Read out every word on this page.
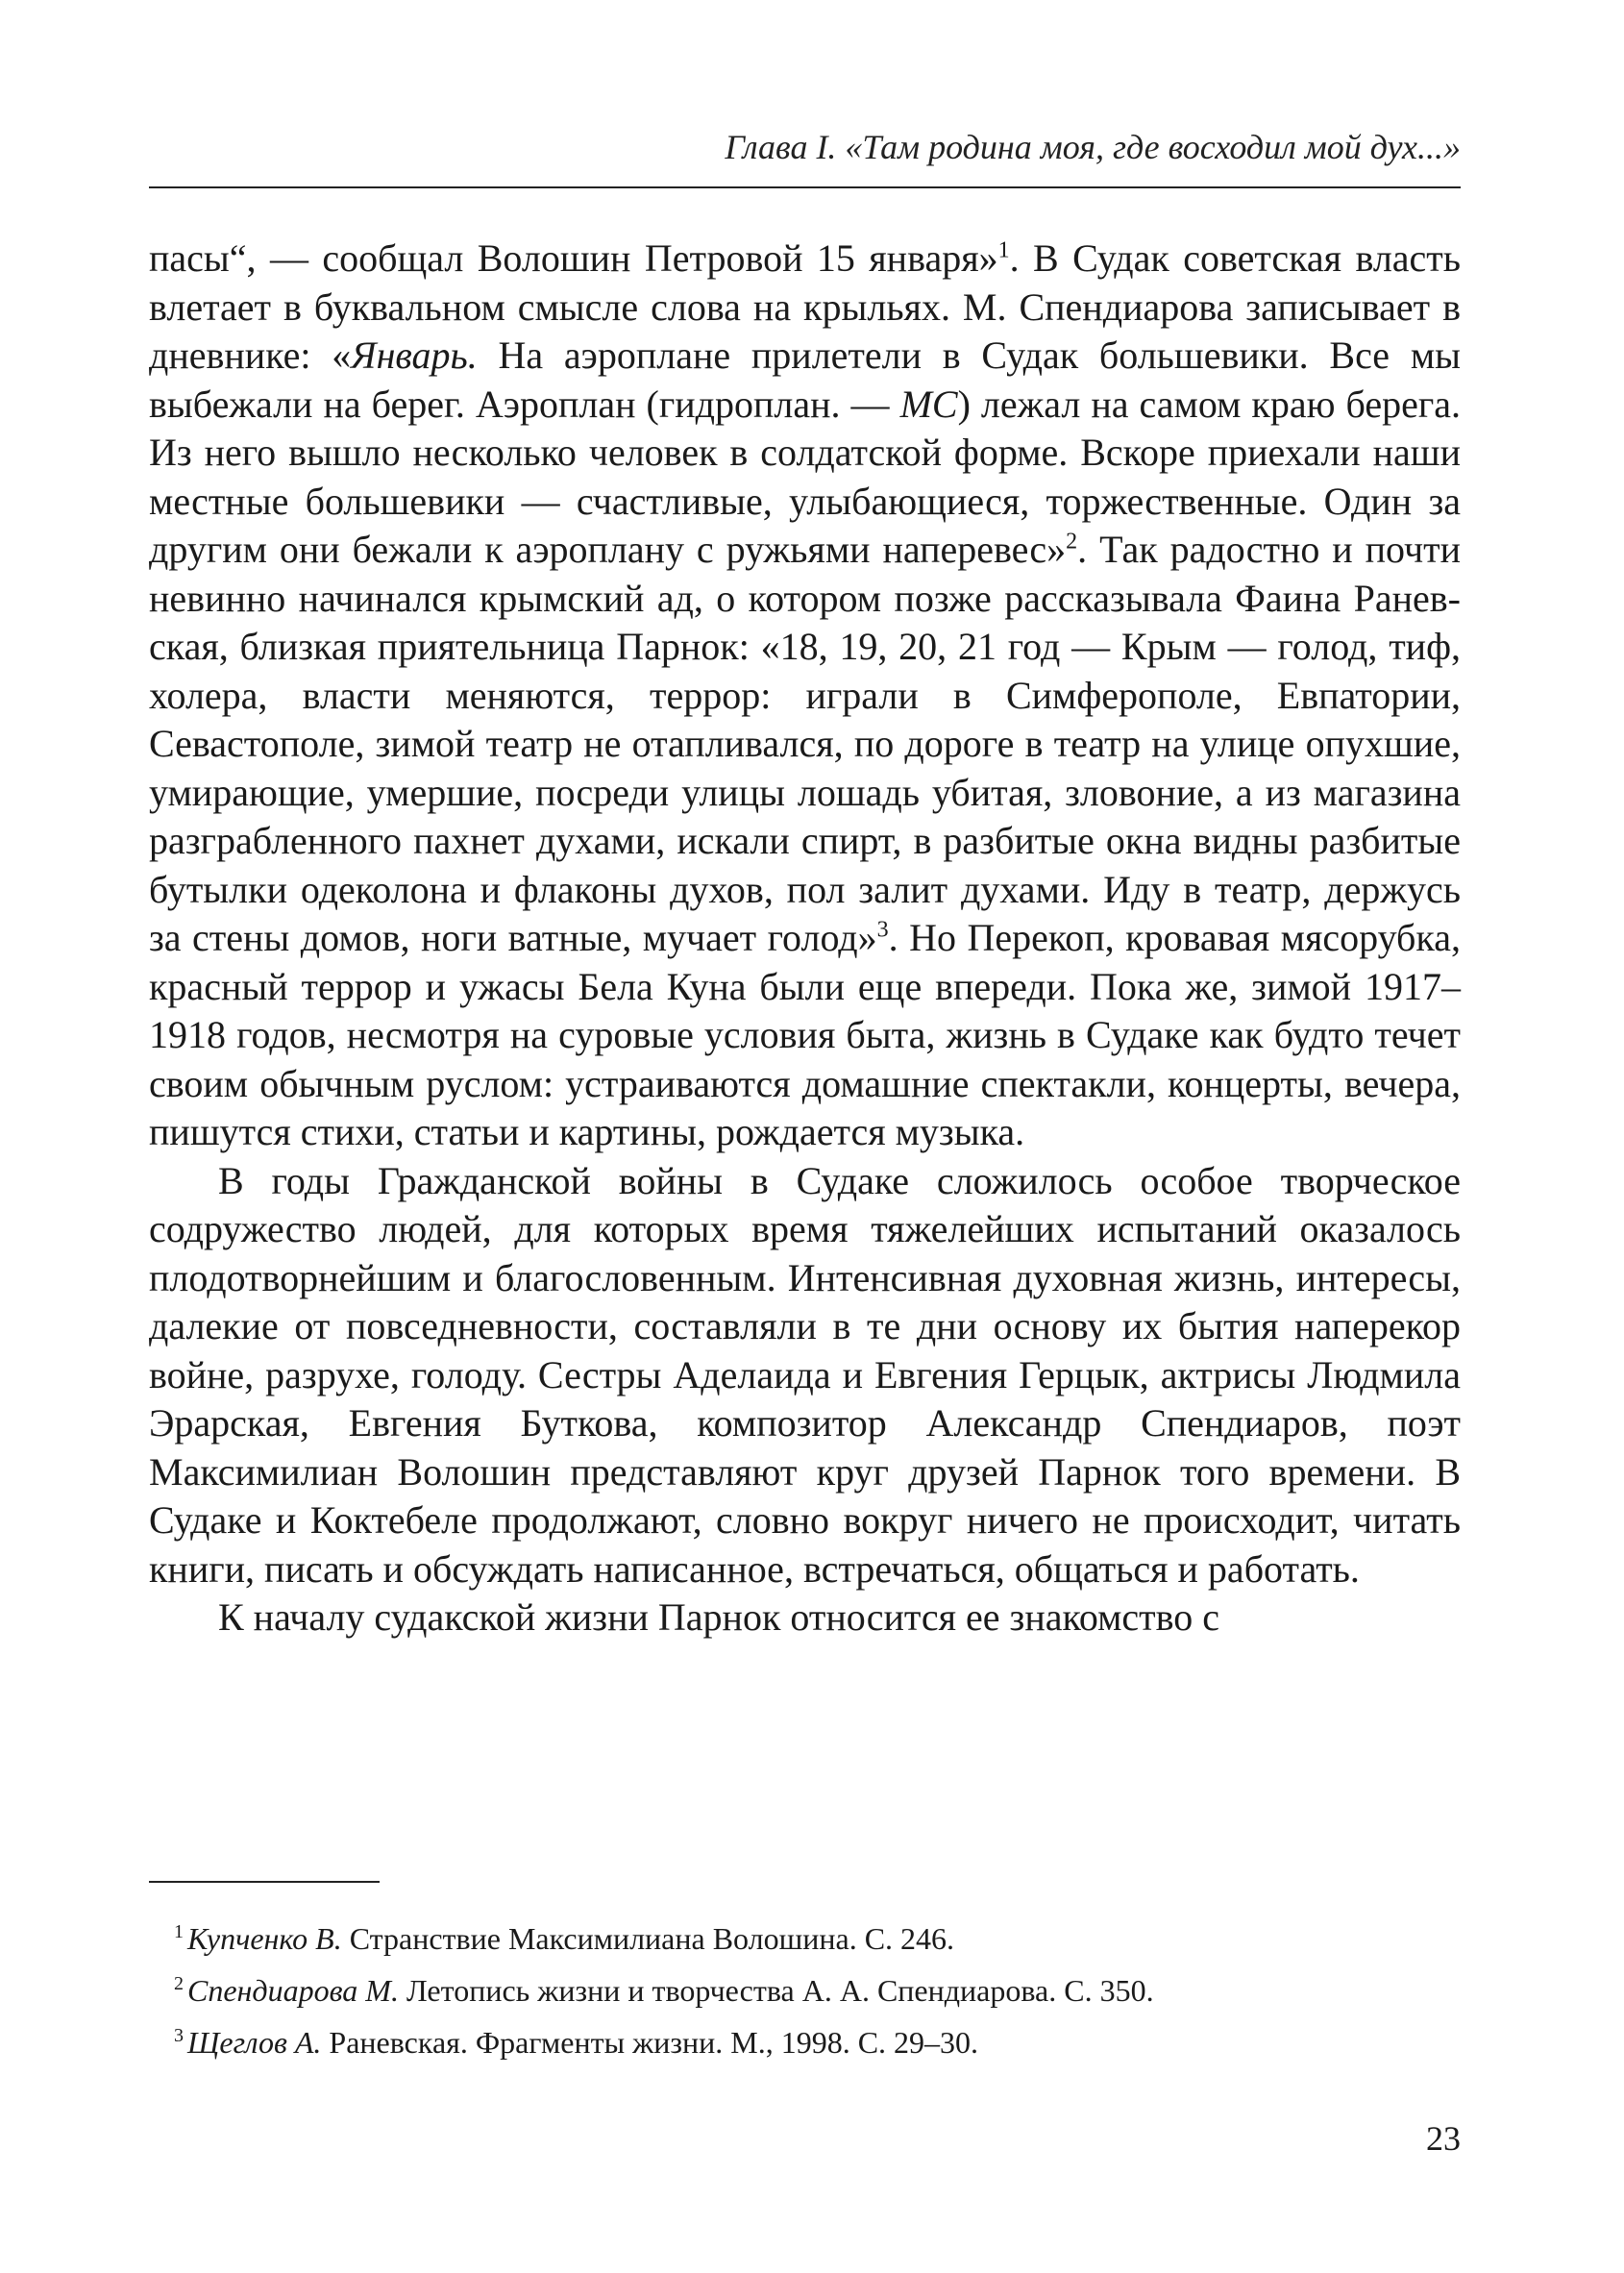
Глава I. «Там родина моя, где восходил мой дух...»

пасы“, — сообщал Волошин Петровой 15 января»$^1$. В Судак советская власть влетает в буквальном смысле слова на крыльях. М. Спендиарова записывает в дневнике: «Январь. На аэроплане прилетели в Судак большевики. Все мы выбежали на берег. Аэроплан (гидроплан. — МС) лежал на самом краю берега. Из него вышло несколько человек в солдатской форме. Вскоре приехали наши местные большевики — счастливые, улыбающиеся, торжественные. Один за другим они бежали к аэроплану с ружьями наперевес»$^2$. Так радостно и почти невинно начинался крымский ад, о котором позже рассказывала Фаина Раневская, близкая приятельница Парнок: «18, 19, 20, 21 год — Крым — голод, тиф, холера, власти меняются, террор: играли в Симферополе, Евпатории, Севастополе, зимой театр не отапливался, по дороге в театр на улице опухшие, умирающие, умершие, посреди улицы лошадь убитая, зловоние, а из магазина разграбленного пахнет духами, искали спирт, в разбитые окна видны разбитые бутылки одеколона и флаконы духов, пол залит духами. Иду в театр, держусь за стены домов, ноги ватные, мучает голод»$^3$. Но Перекоп, кровавая мясорубка, красный террор и ужасы Бела Куна были еще впереди. Пока же, зимой 1917–1918 годов, несмотря на суровые условия быта, жизнь в Судаке как будто течет своим обычным руслом: устраиваются домашние спектакли, концерты, вечера, пишутся стихи, статьи и картины, рождается музыка.

В годы Гражданской войны в Судаке сложилось особое творческое содружество людей, для которых время тяжелейших испытаний оказалось плодотворнейшим и благословенным. Интенсивная духовная жизнь, интересы, далекие от повседневности, составляли в те дни основу их бытия наперекор войне, разрухе, голоду. Сестры Аделаида и Евгения Герцык, актрисы Людмила Эрарская, Евгения Буткова, композитор Александр Спендиаров, поэт Максимилиан Волошин представляют круг друзей Парнок того времени. В Судаке и Коктебеле продолжают, словно вокруг ничего не происходит, читать книги, писать и обсуждать написанное, встречаться, общаться и работать.

К началу судакской жизни Парнок относится ее знакомство с

$^1$ Купченко В. Странствие Максимилиана Волошина. С. 246.

$^2$ Спендиарова М. Летопись жизни и творчества А. А. Спендиарова. С. 350.

$^3$ Щеглов А. Раневская. Фрагменты жизни. М., 1998. С. 29–30.

23
